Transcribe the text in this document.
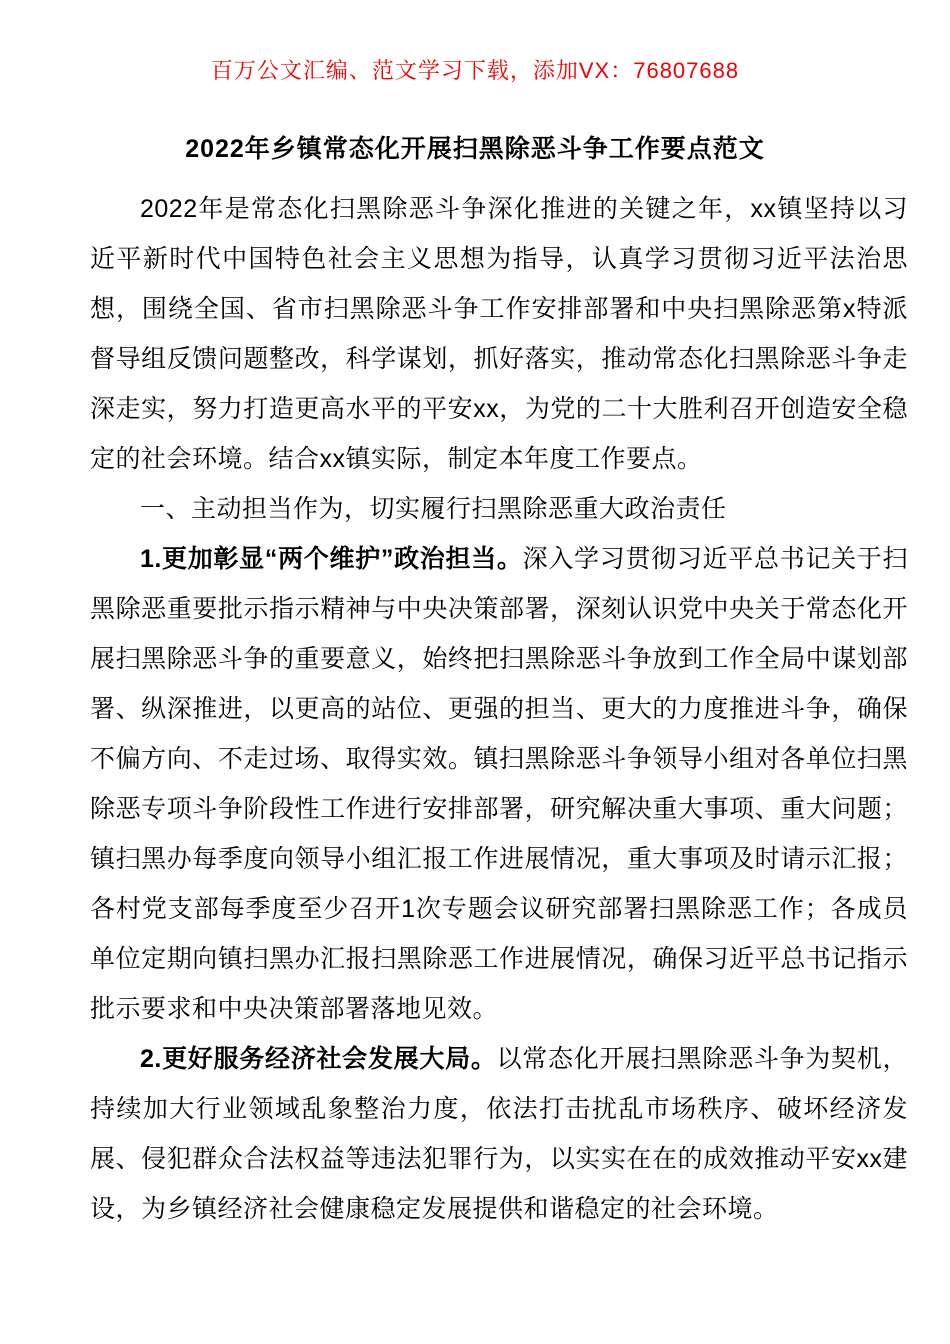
百万公文汇编、范文学习下载，添加VX：76807688
2022年乡镇常态化开展扫黑除恶斗争工作要点范文

2022年是常态化扫黑除恶斗争深化推进的关键之年，xx镇坚持以习近平新时代中国特色社会主义思想为指导，认真学习贯彻习近平法治思想，围绕全国、省市扫黑除恶斗争工作安排部署和中央扫黑除恶第x特派督导组反馈问题整改，科学谋划，抓好落实，推动常态化扫黑除恶斗争走深走实，努力打造更高水平的平安xx，为党的二十大胜利召开创造安全稳定的社会环境。结合xx镇实际，制定本年度工作要点。

一、主动担当作为，切实履行扫黑除恶重大政治责任

1.更加彰显“两个维护”政治担当。深入学习贯彻习近平总书记关于扫黑除恶重要批示指示精神与中央决策部署，深刻认识党中央关于常态化开展扫黑除恶斗争的重要意义，始终把扫黑除恶斗争放到工作全局中谋划部署、纵深推进，以更高的站位、更强的担当、更大的力度推进斗争，确保不偏方向、不走过场、取得实效。镇扫黑除恶斗争领导小组对各单位扫黑除恶专项斗争阶段性工作进行安排部署，研究解决重大事项、重大问题；镇扫黑办每季度向领导小组汇报工作进展情况，重大事项及时请示汇报；各村党支部每季度至少召开1次专题会议研究部署扫黑除恶工作；各成员单位定期向镇扫黑办汇报扫黑除恶工作进展情况，确保习近平总书记指示批示要求和中央决策部署落地见效。

2.更好服务经济社会发展大局。以常态化开展扫黑除恶斗争为契机，持续加大行业领域乱象整治力度，依法打击扰乱市场秩序、破坏经济发展、侵犯群众合法权益等违法犯罪行为，以实实在在的成效推动平安xx建设，为乡镇经济社会健康稳定发展提供和谐稳定的社会环境。
